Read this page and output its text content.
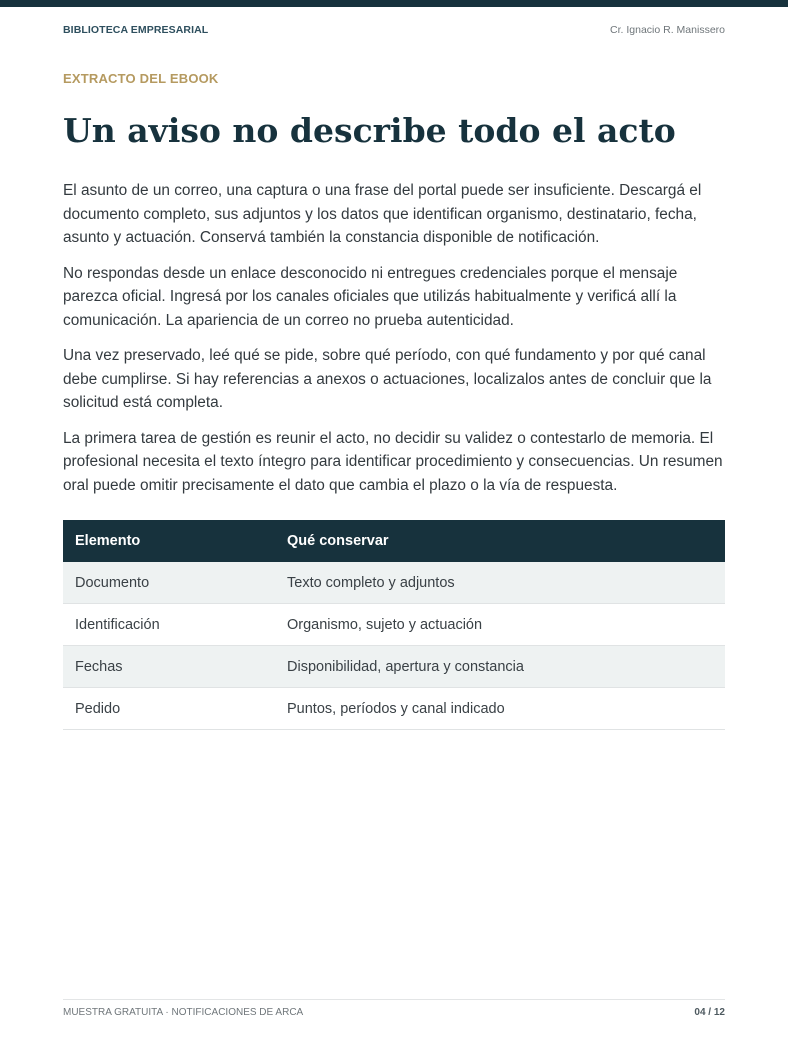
BIBLIOTECA EMPRESARIAL	Cr. Ignacio R. Manissero
EXTRACTO DEL EBOOK
Un aviso no describe todo el acto

El asunto de un correo, una captura o una frase del portal puede ser insuficiente. Descargá el documento completo, sus adjuntos y los datos que identifican organismo, destinatario, fecha, asunto y actuación. Conservá también la constancia disponible de notificación.

No respondas desde un enlace desconocido ni entregues credenciales porque el mensaje parezca oficial. Ingresá por los canales oficiales que utilizás habitualmente y verificá allí la comunicación. La apariencia de un correo no prueba autenticidad.

Una vez preservado, leé qué se pide, sobre qué período, con qué fundamento y por qué canal debe cumplirse. Si hay referencias a anexos o actuaciones, localizalos antes de concluir que la solicitud está completa.

La primera tarea de gestión es reunir el acto, no decidir su validez o contestarlo de memoria. El profesional necesita el texto íntegro para identificar procedimiento y consecuencias. Un resumen oral puede omitir precisamente el dato que cambia el plazo o la vía de respuesta.

Elemento	Qué conservar
Documento	Texto completo y adjuntos
Identificación	Organismo, sujeto y actuación
Fechas	Disponibilidad, apertura y constancia
Pedido	Puntos, períodos y canal indicado
MUESTRA GRATUITA · NOTIFICACIONES DE ARCA	04 / 12
